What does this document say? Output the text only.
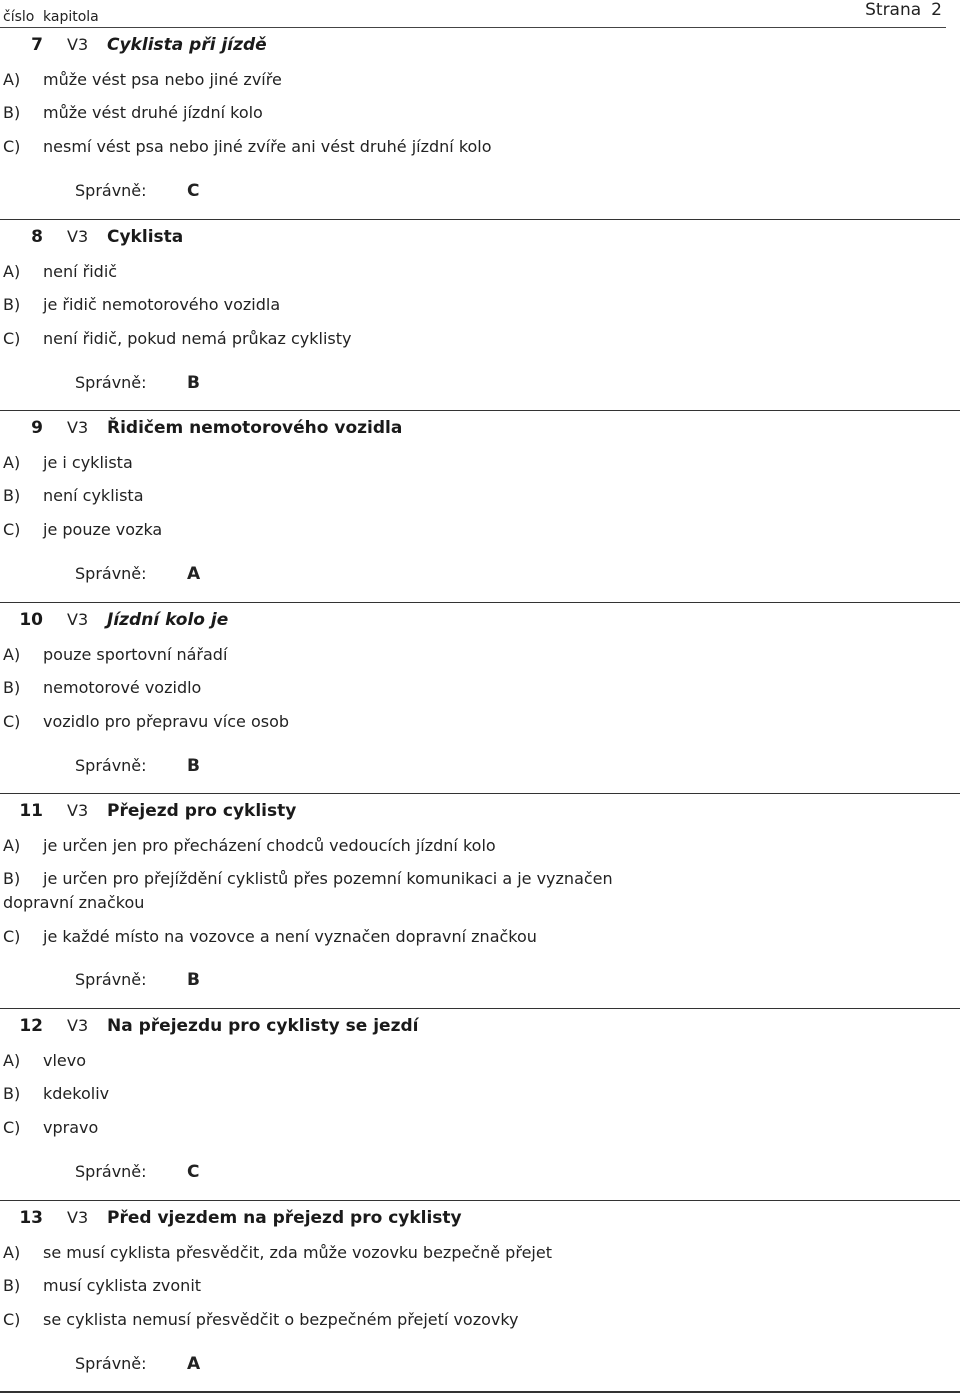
číslo kapitola	Strana 2
7 V3 Cyklista při jízdě
A) může vést psa nebo jiné zvíře
B) může vést druhé jízdní kolo
C) nesmí vést psa nebo jiné zvíře ani vést druhé jízdní kolo
Správně: C
8 V3 Cyklista
A) není řidič
B) je řidič nemotorového vozidla
C) není řidič, pokud nemá průkaz cyklisty
Správně: B
9 V3 Řidičem nemotorového vozidla
A) je i cyklista
B) není cyklista
C) je pouze vozka
Správně: A
10 V3 Jízdní kolo je
A) pouze sportovní nářadí
B) nemotorové vozidlo
C) vozidlo pro přepravu více osob
Správně: B
11 V3 Přejezd pro cyklisty
A) je určen jen pro přecházení chodců vedoucích jízdní kolo
B) je určen pro přejíždění cyklistů přes pozemní komunikaci a je vyznačen dopravní značkou
C) je každé místo na vozovce a není vyznačen dopravní značkou
Správně: B
12 V3 Na přejezdu pro cyklisty se jezdí
A) vlevo
B) kdekoliv
C) vpravo
Správně: C
13 V3 Před vjezdem na přejezd pro cyklisty
A) se musí cyklista přesvědčit, zda může vozovku bezpečně přejet
B) musí cyklista zvonit
C) se cyklista nemusí přesvědčit o bezpečném přejetí vozovky
Správně: A
